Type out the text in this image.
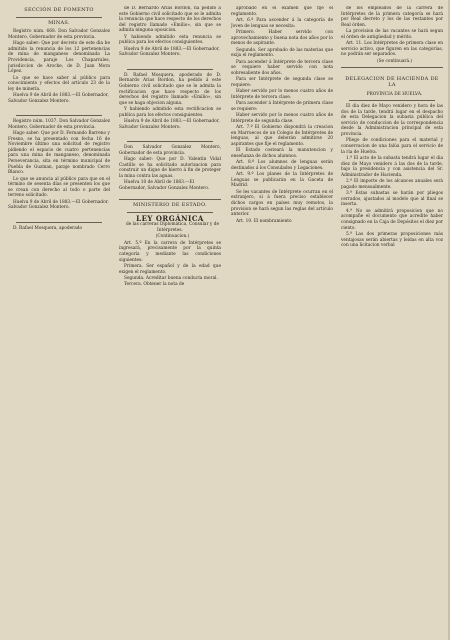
SECCIÓN DE FOMENTO
MINAS.

Registro núm. 668. Don Salvador Gonzalez Montero, Gobernador de esta provincia.

Hago saber: Que por decreto de este dia he admitido la renuncia de los 12 pertenencias de mina de manganeso denominada La Providencia, paraje Los Chaparrales, jurisdiccion de Aroche, de D. Juan Mora López.

Lo que se hace saber al público para conocimiento y efectos del artículo 23 de la ley de minería.

Huelva 9 de Abril de 1883.—El Gobernador, Salvador Gonzalez Montero.

Registro núm. 1037. Don Salvador Gonzalez Montero, Gobernador de esta provincia.

Hago saber: Que por D. Fernando Barreno y Fresno, se ha presentado con fecha 16 de Noviembre último una solicitud de registro pidiendo el espacio de cuatro pertenencias para una mina de manganeso, denominada Perseverancia, sita en término municipal de Puebla de Guzman, paraje nombrado Cerro Blanco.

Lo que se anuncia al público para que en el término de sesenta días se presenten los que se crean con derecho al todo o parte del terreno solicitado.

Huelva 9 de Abril de 1883.—El Gobernador, Salvador Gonzalez Montero.

D. Rafael Mosquera, apoderado

de D. Bernardo Arias Bordon, ha pedido á este Gobierno civil solicitado que se le admita la renuncia que hace respecto de los derechos del registro llamado «Emilio», sin que se admita ninguna oposicion.

Y habiendo admitido esta renuncia se publica para los efectos consiguientes.

Huelva 9 de Abril de 1883.—El Gobernador, Salvador Gonzalez Montero.

D. Rafael Mosquera, apoderado de D. Bernardo Arias Bordon, ha pedido á este Gobierno civil solicitado que se le admita la rectificacion que hace respecto de los derechos del registro llamado «Emilio», sin que se haga objecion alguna.

Y habiendo admitido esta rectificacion se publica para los efectos consiguientes.

Huelva 9 de Abril de 1883.—El Gobernador, Salvador Gonzalez Montero.

Don Salvador Gonzalez Montero, Gobernador de esta provincia.

Hago saber: Que por D. Valentin Vidal Castillo se ha solicitado autorizacion para construir un dique de hierro á fin de proteger la mina contra las aguas.

Huelva 10 de Abril de 1883.—El Gobernador, Salvador Gonzalez Montero.

MINISTERIO DE ESTADO.
LEY ORGÁNICA

de las carreras Diplomática, Consular y de Intérpretes.

(Continuacion.)

Art. 5.º En la carrera de Intérpretes se ingresará, precisamente por la quinta categoría y mediante las condiciones siguientes:

Primera. Ser español y de la edad que exigen el reglamento.

Segunda. Acreditar buena conducta moral.

Tercera. Obtener la nota de

aprobado en el exámen que fije el reglamento.

Art. 6.º Para ascender á la categoría de Joven de lenguas se necesita:

Primero. Haber servido con aprovechamiento y buena nota dos años por lo menos de aspirante.

Segundo. Ser aprobado de las materias que exija el reglamento.

Para ascender á Intérprete de tercera clase se requiere haber servido con nota sobresaliente dos años.

Para ser Intérprete de segunda clase se requiere:

Haber servido por lo menos cuatro años de Intérprete de tercera clase.

Para ascender á Intérprete de primera clase se requiere:

Haber servido por lo menos cuatro años de Intérprete de segunda clase.

Art. 7.º El Gobierno dispondrá la creacion en Marruecos de un Colegio de Intérpretes de lenguas, al que deberán admitirse 20 aspirantes que fije el reglamento.

El Estado costeará la manutencion y enseñanza de dichos alumnos.

Art. 8.º Los alumnos de lenguas serán destinados á los Consulados y Legaciones.

Art. 9.º Los planes de la Intérpretes de Lenguas se publicarán en la Gaceta de Madrid.

Se les vacantes de Intérprete ocurran en el extranjero, si á fuera preciso establecer dichos cargos en países muy remotos, la provision se hará segun las reglas del artículo anterior.

Art. 10. El nombramiento

de los empleados de la carrera de Intérpretes de la primera categoría se hará por Real decreto y los de las restantes por Real órden.

La provision de las vacantes se hará segun el órden de antigüedad y mérito.

Art. 11. Los Intérpretes de primera clase en servicio activo, que figuren en las categorías, no podrán ser separados.

(Se continuará.)

DELEGACION DE HACIENDA DE LA

PROVINCIA DE HUELVA.

El dia diez de Mayo venidero y hora de las dos de la tarde, tendrá lugar en el despacho de esta Delegacion la subasta pública del servicio de conduccion de la correspondencia desde la Administracion principal de esta provincia.

Pliego de condiciones para el material y conservacion de una falúa para el servicio de la ria de Huelva.

1.ª El acto de la subasta tendrá lugar el dia diez de Mayo venidero á las dos de la tarde, bajo la presidencia y con asistencia del Sr. Administrador de Hacienda.

2.ª El importe de los alcances anuales será pagado mensualmente.

3.ª Estas subastas se harán por pliegos cerrados, ajustados al modelo que al final se inserta.

4.ª No se admitirá proposicion que no acompañe el documento que acredite haber consignado en la Caja de Depósitos el diez por ciento.

5.ª Las dos primeras proposiciones más ventajosas serán abiertas y leidas en alta voz con una licitacion verbal
